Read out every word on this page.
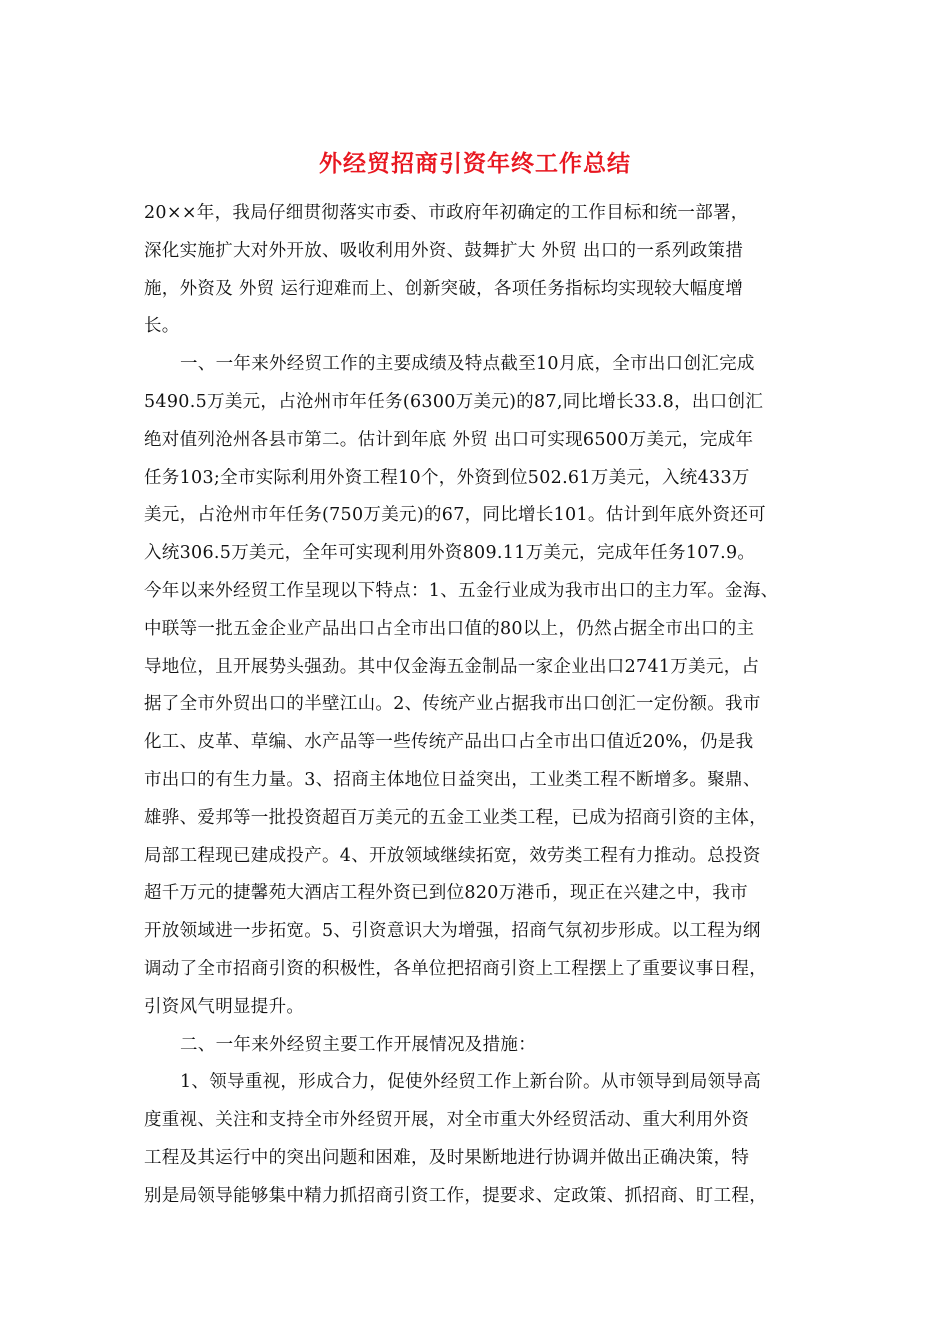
外经贸招商引资年终工作总结
20××年，我局仔细贯彻落实市委、市政府年初确定的工作目标和统一部署，
深化实施扩大对外开放、吸收利用外资、鼓舞扩大 外贸 出口的一系列政策措
施，外资及 外贸 运行迎难而上、创新突破，各项任务指标均实现较大幅度增
长。
一、一年来外经贸工作的主要成绩及特点截至10月底，全市出口创汇完成
5490.5万美元，占沧州市年任务(6300万美元)的87,同比增长33.8，出口创汇
绝对值列沧州各县市第二。估计到年底 外贸 出口可实现6500万美元，完成年
任务103;全市实际利用外资工程10个，外资到位502.61万美元，入统433万
美元，占沧州市年任务(750万美元)的67，同比增长101。估计到年底外资还可
入统306.5万美元，全年可实现利用外资809.11万美元，完成年任务107.9。
今年以来外经贸工作呈现以下特点：1、五金行业成为我市出口的主力军。金海、
中联等一批五金企业产品出口占全市出口值的80以上，仍然占据全市出口的主
导地位，且开展势头强劲。其中仅金海五金制品一家企业出口2741万美元，占
据了全市外贸出口的半壁江山。2、传统产业占据我市出口创汇一定份额。我市
化工、皮革、草编、水产品等一些传统产品出口占全市出口值近20%，仍是我
市出口的有生力量。3、招商主体地位日益突出，工业类工程不断增多。聚鼎、
雄骅、爱邦等一批投资超百万美元的五金工业类工程，已成为招商引资的主体，
局部工程现已建成投产。4、开放领域继续拓宽，效劳类工程有力推动。总投资
超千万元的捷馨苑大酒店工程外资已到位820万港币，现正在兴建之中，我市
开放领域进一步拓宽。5、引资意识大为增强，招商气氛初步形成。以工程为纲
调动了全市招商引资的积极性，各单位把招商引资上工程摆上了重要议事日程，
引资风气明显提升。
二、一年来外经贸主要工作开展情况及措施：
1、领导重视，形成合力，促使外经贸工作上新台阶。从市领导到局领导高
度重视、关注和支持全市外经贸开展，对全市重大外经贸活动、重大利用外资
工程及其运行中的突出问题和困难，及时果断地进行协调并做出正确决策，特
别是局领导能够集中精力抓招商引资工作，提要求、定政策、抓招商、盯工程，
